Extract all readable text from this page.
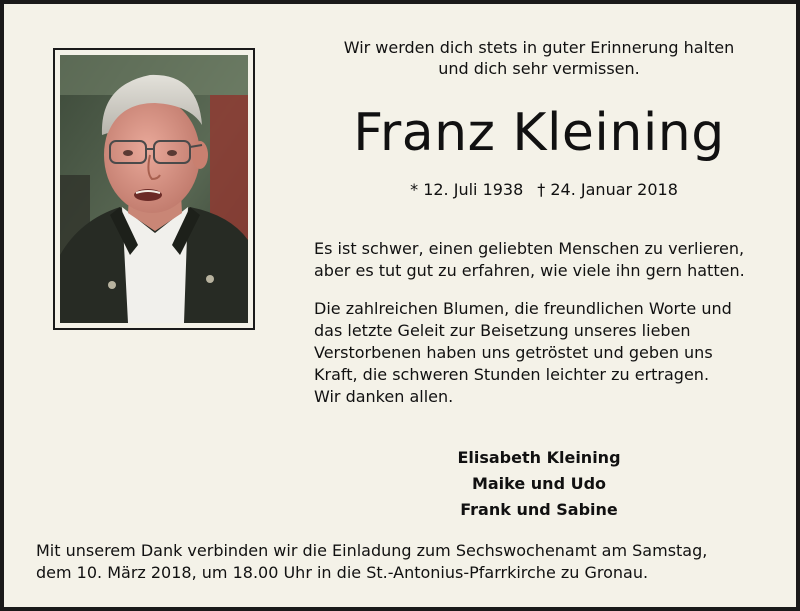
Wir werden dich stets in guter Erinnerung halten
und dich sehr vermissen.
Franz Kleining
* 12. Juli 1938 † 24. Januar 2018
Es ist schwer, einen geliebten Menschen zu verlieren,
aber es tut gut zu erfahren, wie viele ihn gern hatten.
Die zahlreichen Blumen, die freundlichen Worte und
das letzte Geleit zur Beisetzung unseres lieben
Verstorbenen haben uns getröstet und geben uns
Kraft, die schweren Stunden leichter zu ertragen.
Wir danken allen.
Elisabeth Kleining
Maike und Udo
Frank und Sabine
Mit unserem Dank verbinden wir die Einladung zum Sechswochenamt am Samstag,
dem 10. März 2018, um 18.00 Uhr in die St.-Antonius-Pfarrkirche zu Gronau.
